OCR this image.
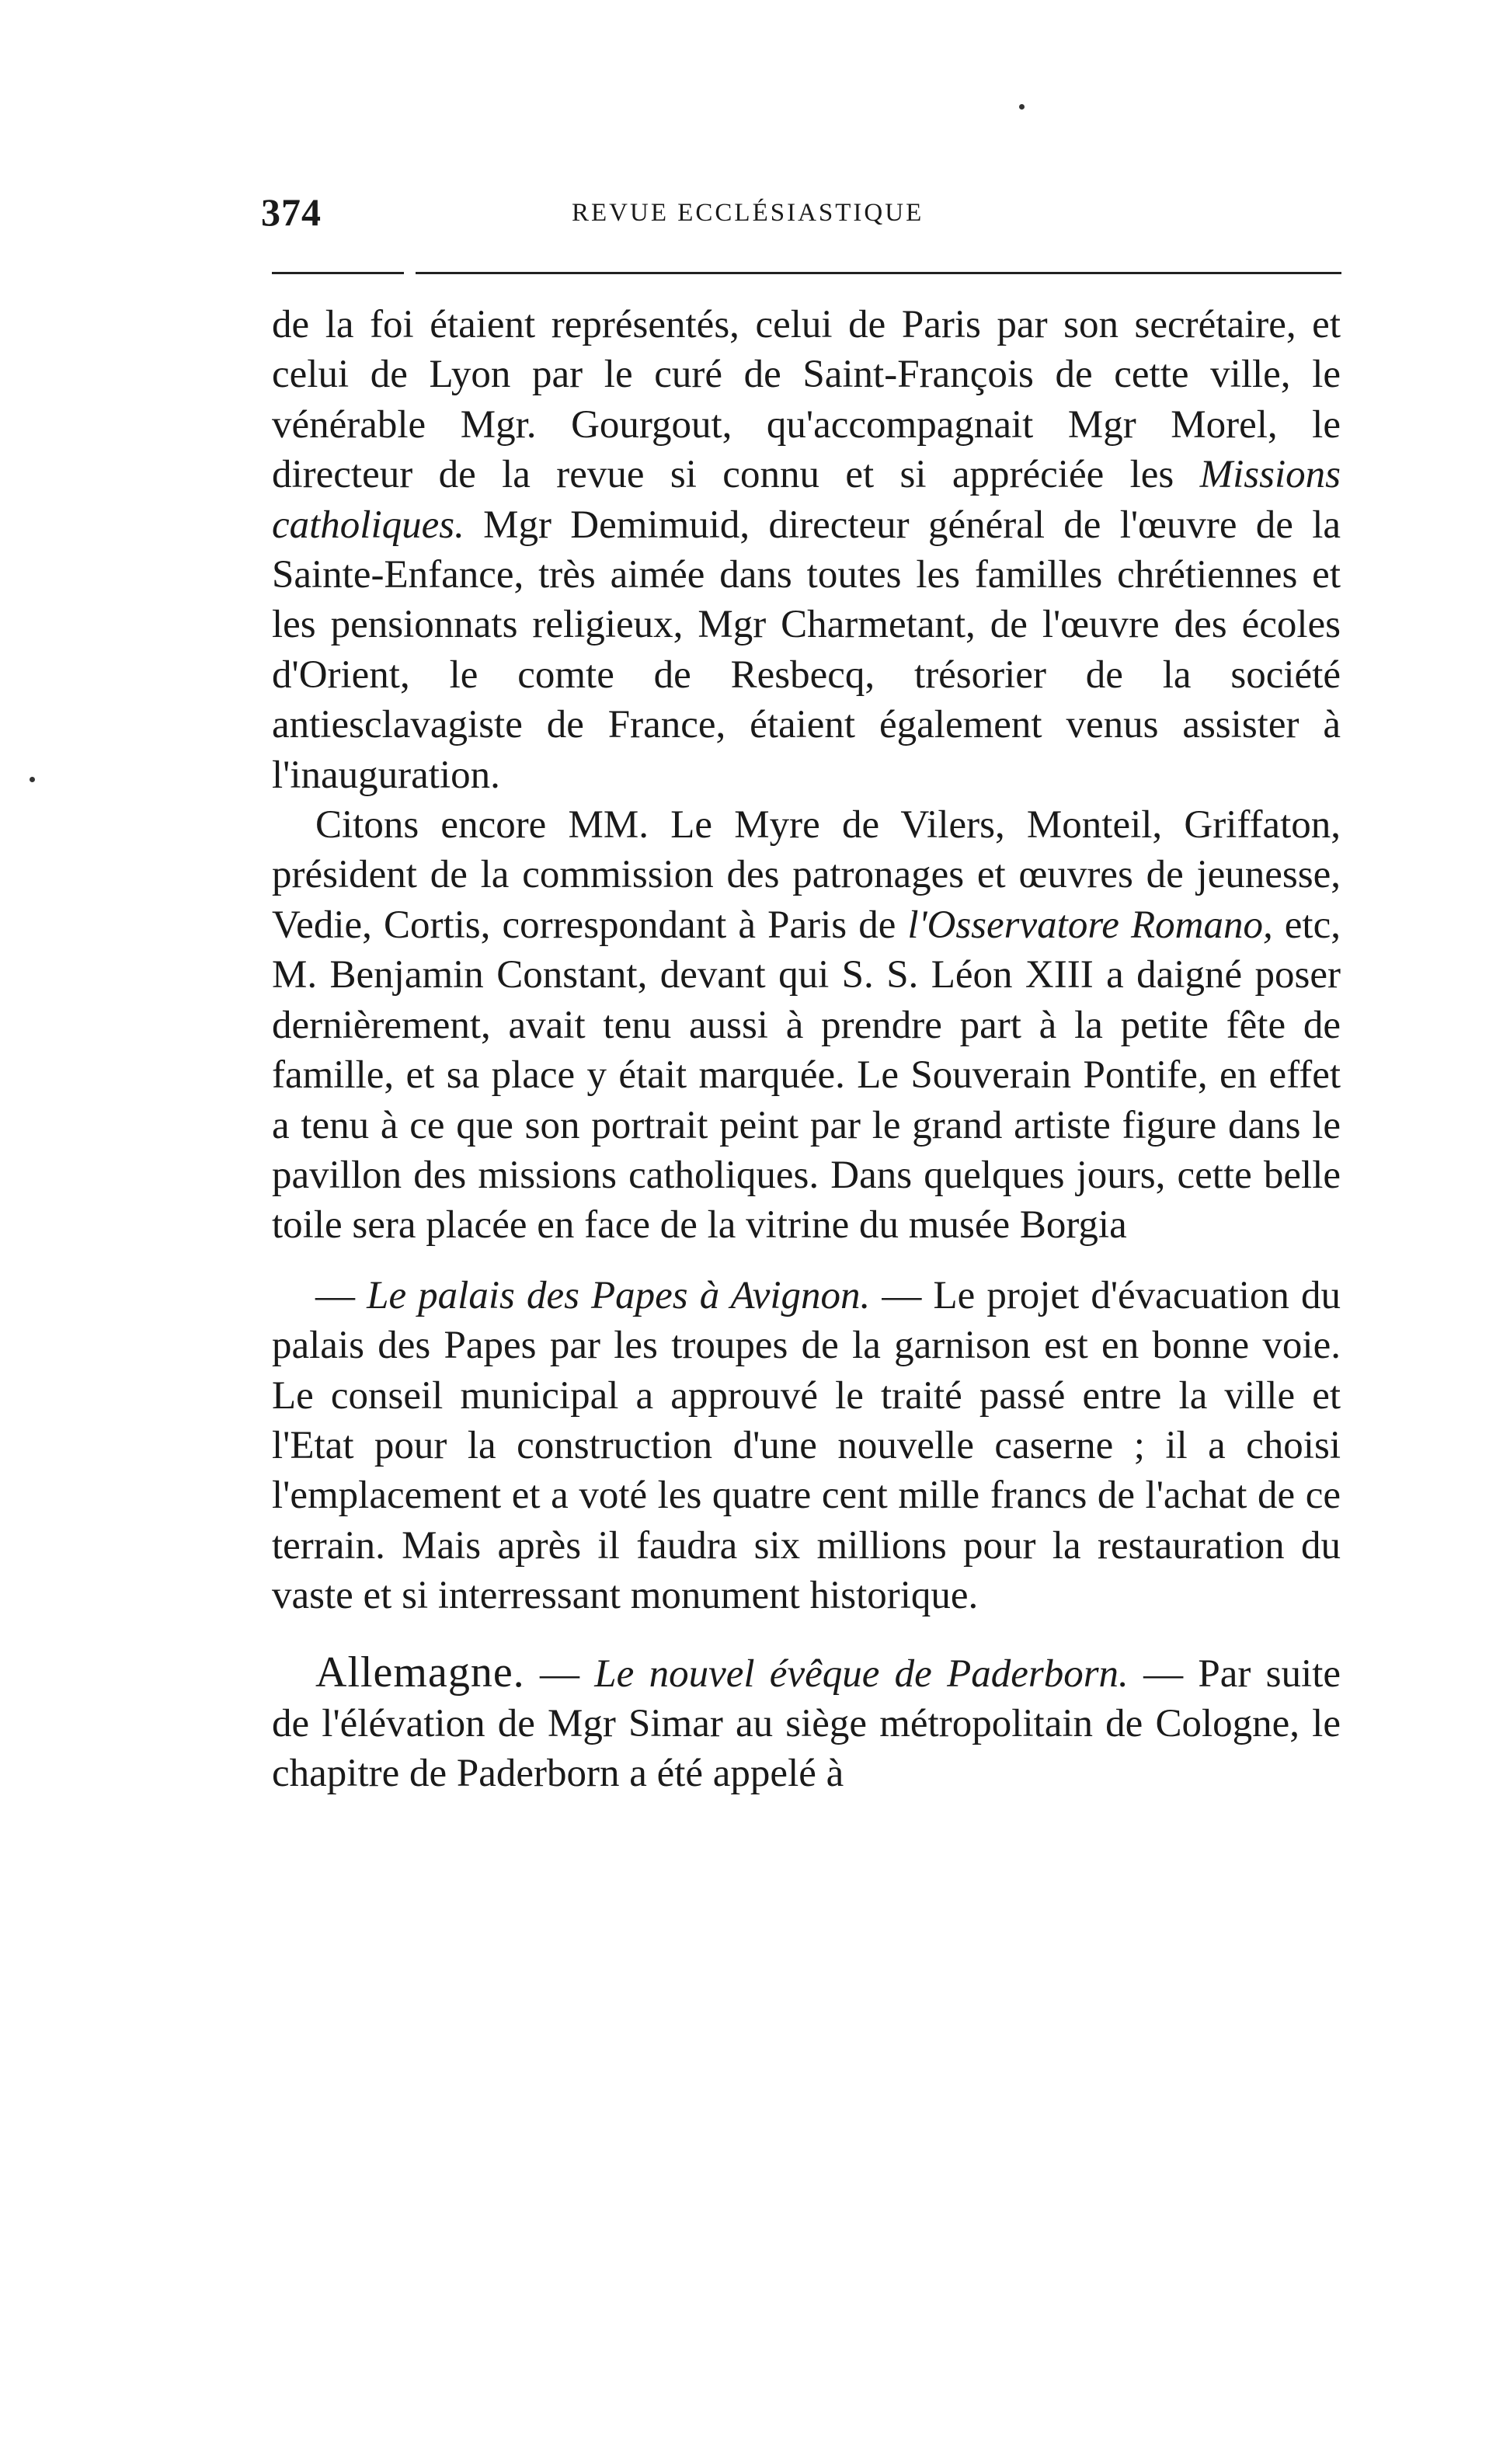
374	REVUE ECCLÉSIASTIQUE

de la foi étaient représentés, celui de Paris par son secrétaire, et celui de Lyon par le curé de Saint-François de cette ville, le vénérable Mgr. Gourgout, qu'accompagnait Mgr Morel, le directeur de la revue si connu et si appréciée les Missions catholiques. Mgr Demimuid, directeur général de l'œuvre de la Sainte-Enfance, très aimée dans toutes les familles chrétiennes et les pensionnats religieux, Mgr Charmetant, de l'œuvre des écoles d'Orient, le comte de Resbecq, trésorier de la société antiesclavagiste de France, étaient également venus assister à l'inauguration.

Citons encore MM. Le Myre de Vilers, Monteil, Griffaton, président de la commission des patronages et œuvres de jeunesse, Vedie, Cortis, correspondant à Paris de l'Osservatore Romano, etc, M. Benjamin Constant, devant qui S. S. Léon XIII a daigné poser dernièrement, avait tenu aussi à prendre part à la petite fête de famille, et sa place y était marquée. Le Souverain Pontife, en effet a tenu à ce que son portrait peint par le grand artiste figure dans le pavillon des missions catholiques. Dans quelques jours, cette belle toile sera placée en face de la vitrine du musée Borgia

— Le palais des Papes à Avignon. — Le projet d'évacuation du palais des Papes par les troupes de la garnison est en bonne voie. Le conseil municipal a approuvé le traité passé entre la ville et l'Etat pour la construction d'une nouvelle caserne ; il a choisi l'emplacement et a voté les quatre cent mille francs de l'achat de ce terrain. Mais après il faudra six millions pour la restauration du vaste et si interressant monument historique.

Allemagne. — Le nouvel évêque de Paderborn. — Par suite de l'élévation de Mgr Simar au siège métropolitain de Cologne, le chapitre de Paderborn a été appelé à
